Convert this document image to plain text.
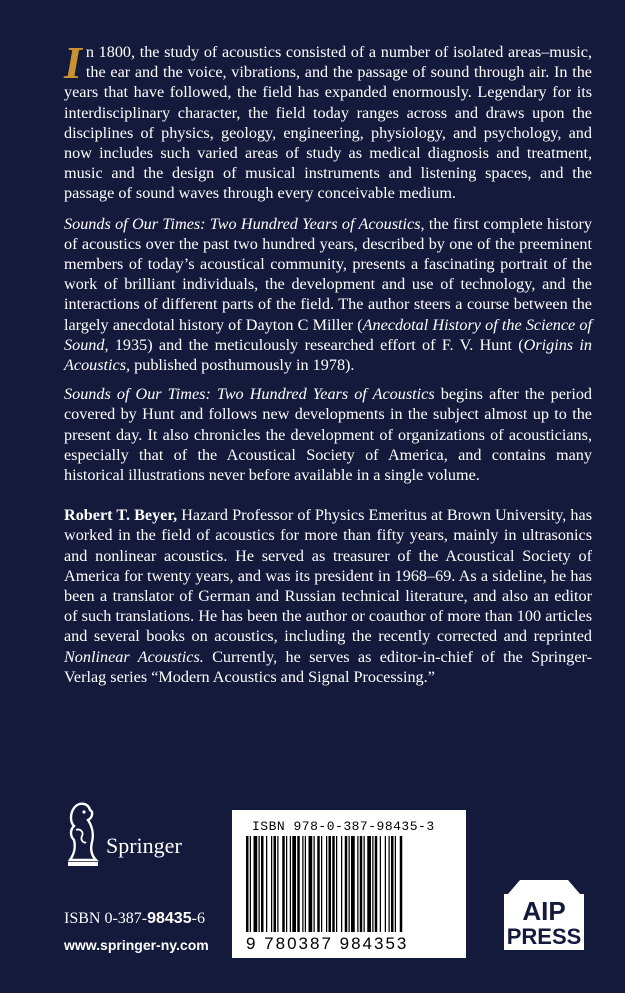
In 1800, the study of acoustics consisted of a number of isolated areas–music, the ear and the voice, vibrations, and the passage of sound through air. In the years that have followed, the field has expanded enormously. Legendary for its interdisciplinary character, the field today ranges across and draws upon the disciplines of physics, geology, engineering, physiology, and psychology, and now includes such varied areas of study as medical diagnosis and treatment, music and the design of musical instruments and listening spaces, and the passage of sound waves through every conceivable medium.

Sounds of Our Times: Two Hundred Years of Acoustics, the first complete history of acoustics over the past two hundred years, described by one of the preeminent members of today’s acoustical community, presents a fascinating portrait of the work of brilliant individuals, the development and use of technology, and the interactions of different parts of the field. The author steers a course between the largely anecdotal history of Dayton C Miller (Anecdotal History of the Science of Sound, 1935) and the meticulously researched effort of F. V. Hunt (Origins in Acoustics, published posthumously in 1978).

Sounds of Our Times: Two Hundred Years of Acoustics begins after the period covered by Hunt and follows new developments in the subject almost up to the present day. It also chronicles the development of organizations of acousticians, especially that of the Acoustical Society of America, and contains many historical illustrations never before available in a single volume.

Robert T. Beyer, Hazard Professor of Physics Emeritus at Brown University, has worked in the field of acoustics for more than fifty years, mainly in ultrasonics and nonlinear acoustics. He served as treasurer of the Acoustical Society of America for twenty years, and was its president in 1968–69. As a sideline, he has been a translator of German and Russian technical literature, and also an editor of such translations. He has been the author or coauthor of more than 100 articles and several books on acoustics, including the recently corrected and reprinted Nonlinear Acoustics. Currently, he serves as editor-in-chief of the Springer-Verlag series “Modern Acoustics and Signal Processing.”

Springer
ISBN 0-387-98435-6
www.springer-ny.com
ISBN 978-0-387-98435-3
9 780387 984353
AIP
PRESS
